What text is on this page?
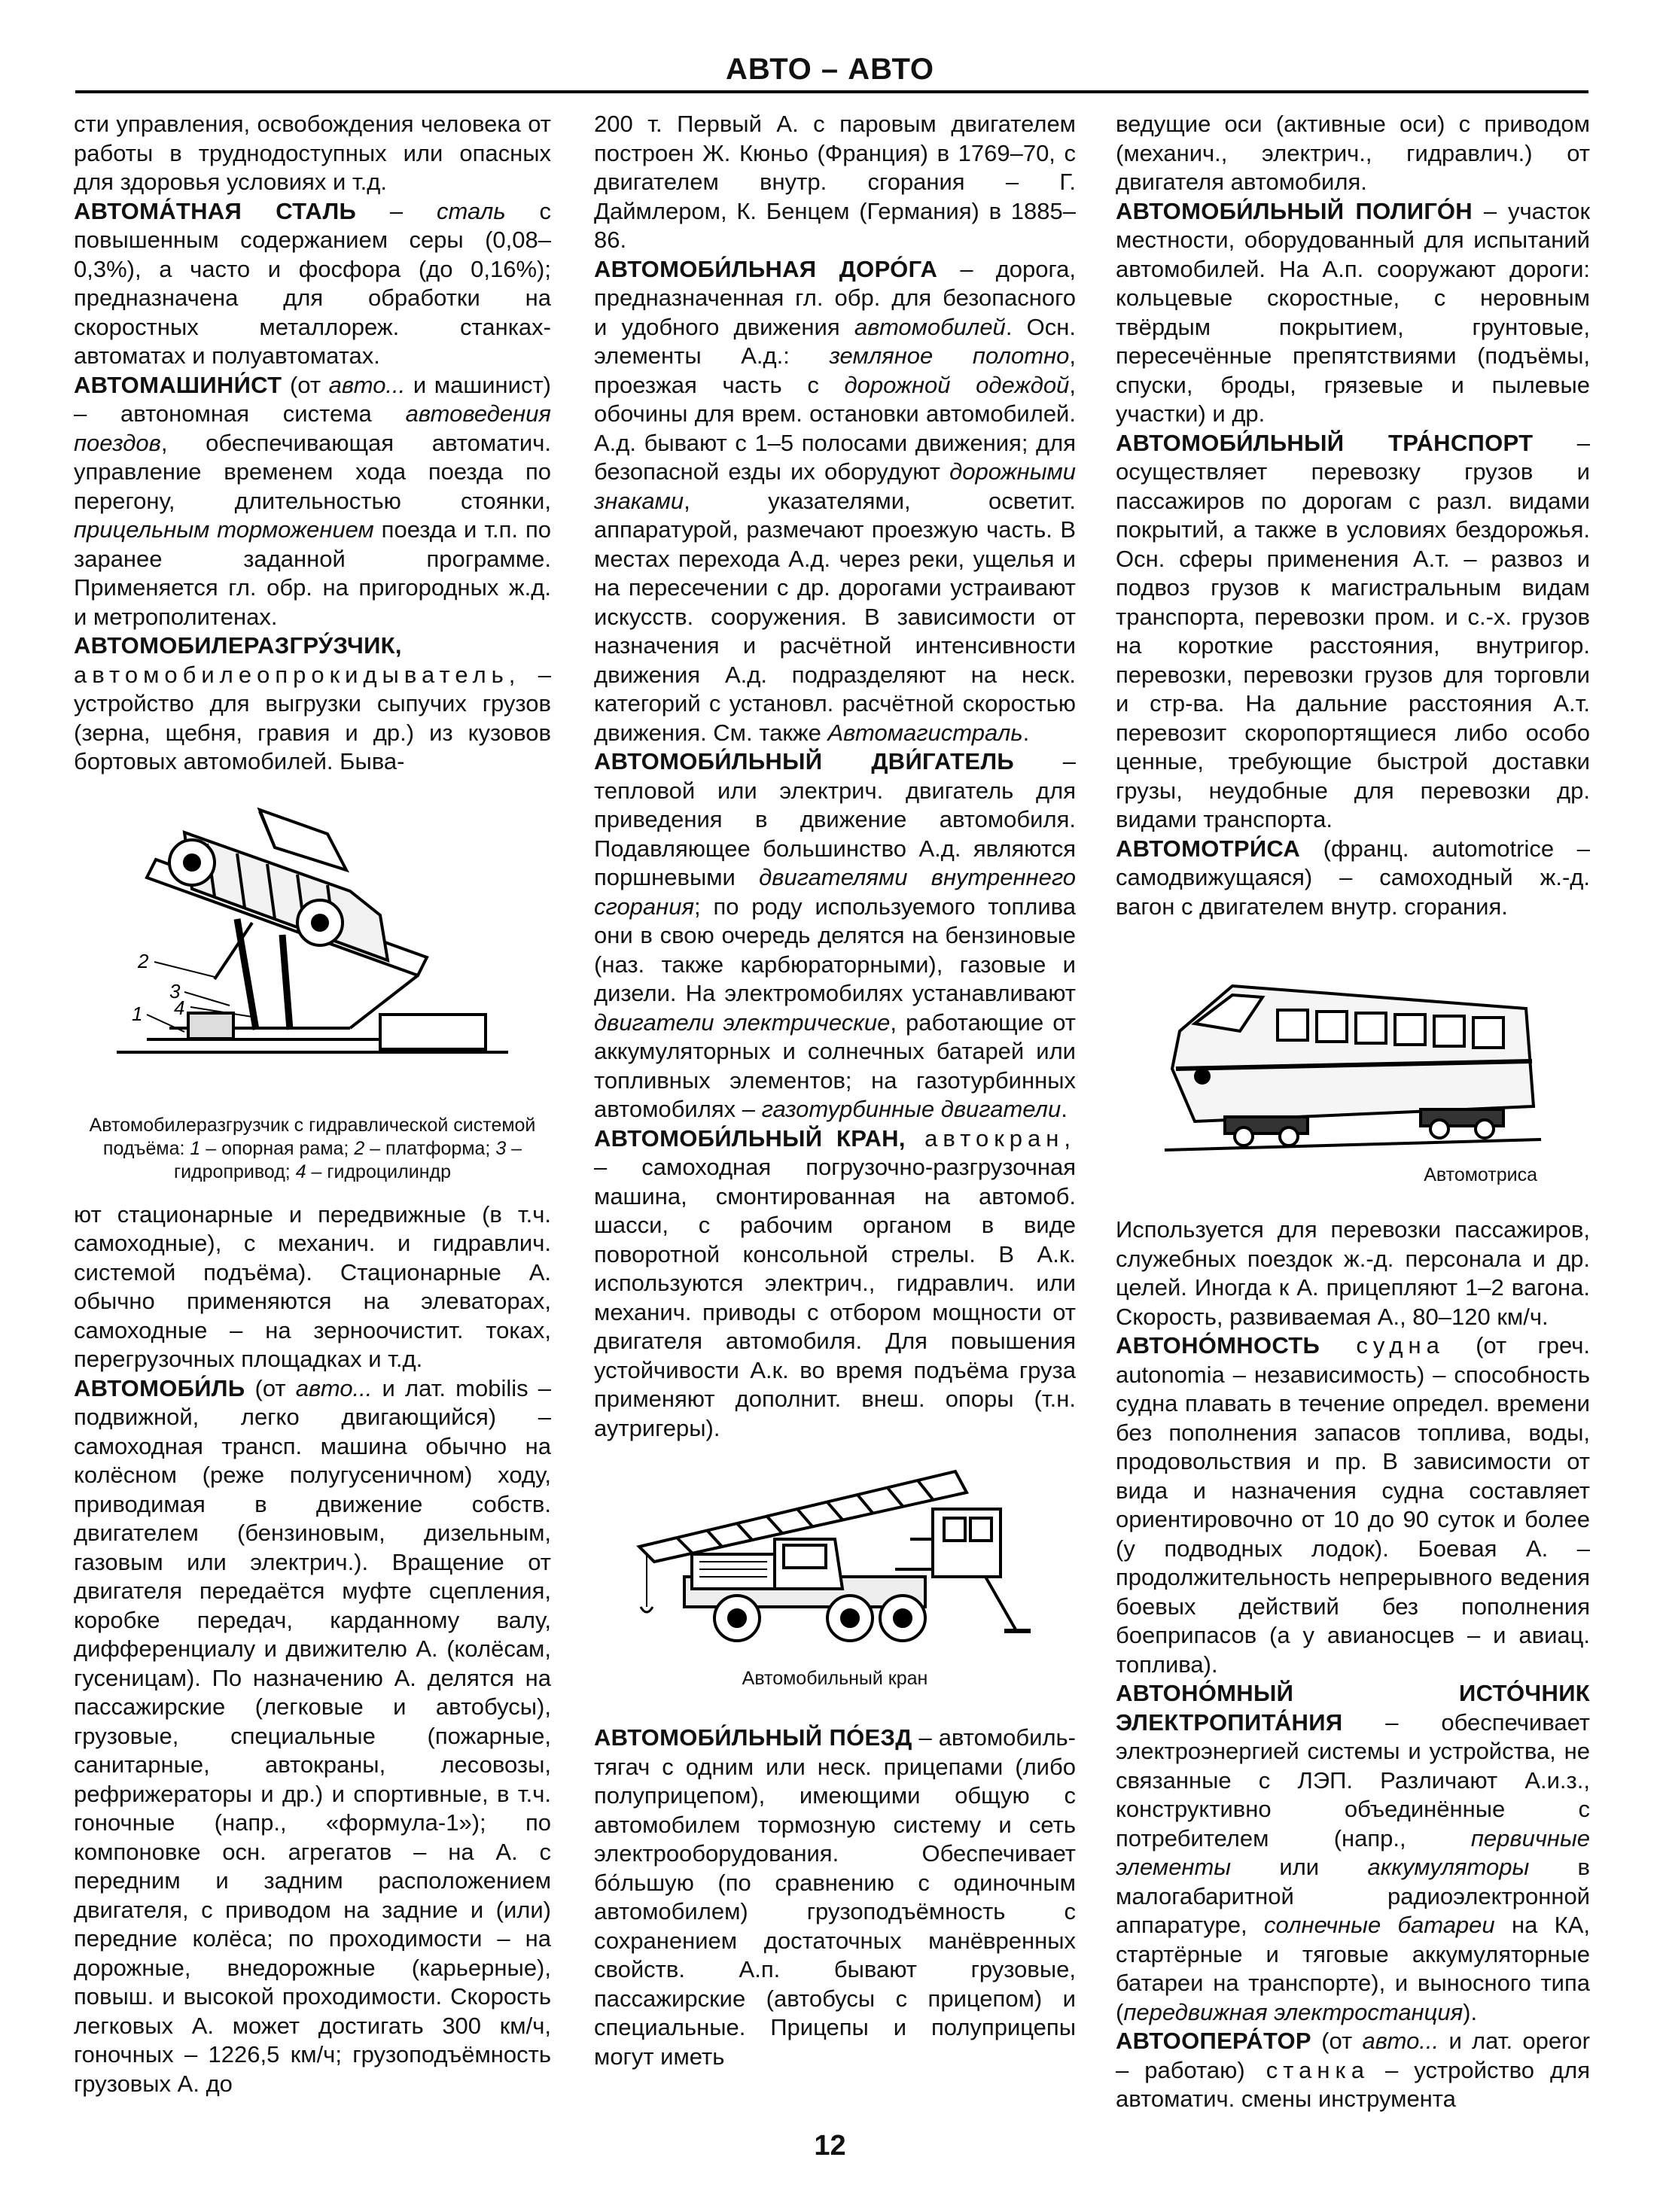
АВТО – АВТО

сти управления, освобождения человека от работы в труднодоступных или опасных для здоровья условиях и т.д.

АВТОМА́ТНАЯ СТАЛЬ – сталь с повышенным содержанием серы (0,08–0,3%), а часто и фосфора (до 0,16%); предназначена для обработки на скоростных металлореж. станках-автоматах и полуавтоматах.

АВТОМАШИНИ́СТ (от авто... и машинист) – автономная система автоведения поездов, обеспечивающая автоматич. управление временем хода поезда по перегону, длительностью стоянки, прицельным торможением поезда и т.п. по заранее заданной программе. Применяется гл. обр. на пригородных ж.д. и метрополитенах.

АВТОМОБИЛЕРАЗГРУ́ЗЧИК, автомобилеопрокидыватель, – устройство для выгрузки сыпучих грузов (зерна, щебня, гравия и др.) из кузовов бортовых автомобилей. Быва-

2
3
4
1
Автомобилеразгрузчик с гидравлической системой подъёма: 1 – опорная рама; 2 – платформа; 3 – гидропривод; 4 – гидроцилиндр

ют стационарные и передвижные (в т.ч. самоходные), с механич. и гидравлич. системой подъёма). Стационарные А. обычно применяются на элеваторах, самоходные – на зерноочистит. токах, перегрузочных площадках и т.д.

АВТОМОБИ́ЛЬ (от авто... и лат. mobilis – подвижной, легко двигающийся) – самоходная трансп. машина обычно на колёсном (реже полугусеничном) ходу, приводимая в движение собств. двигателем (бензиновым, дизельным, газовым или электрич.). Вращение от двигателя передаётся муфте сцепления, коробке передач, карданному валу, дифференциалу и движителю А. (колёсам, гусеницам). По назначению А. делятся на пассажирские (легковые и автобусы), грузовые, специальные (пожарные, санитарные, автокраны, лесовозы, рефрижераторы и др.) и спортивные, в т.ч. гоночные (напр., «формула-1»); по компоновке осн. агрегатов – на А. с передним и задним расположением двигателя, с приводом на задние и (или) передние колёса; по проходимости – на дорожные, внедорожные (карьерные), повыш. и высокой проходимости. Скорость легковых А. может достигать 300 км/ч, гоночных – 1226,5 км/ч; грузоподъёмность грузовых А. до

200 т. Первый А. с паровым двигателем построен Ж. Кюньо (Франция) в 1769–70, с двигателем внутр. сгорания – Г. Даймлером, К. Бенцем (Германия) в 1885–86.

АВТОМОБИ́ЛЬНАЯ ДОРО́ГА – дорога, предназначенная гл. обр. для безопасного и удобного движения автомобилей. Осн. элементы А.д.: земляное полотно, проезжая часть с дорожной одеждой, обочины для врем. остановки автомобилей. А.д. бывают с 1–5 полосами движения; для безопасной езды их оборудуют дорожными знаками, указателями, осветит. аппаратурой, размечают проезжую часть. В местах перехода А.д. через реки, ущелья и на пересечении с др. дорогами устраивают искусств. сооружения. В зависимости от назначения и расчётной интенсивности движения А.д. подразделяют на неск. категорий с установл. расчётной скоростью движения. См. также Автомагистраль.

АВТОМОБИ́ЛЬНЫЙ ДВИ́ГАТЕЛЬ – тепловой или электрич. двигатель для приведения в движение автомобиля. Подавляющее большинство А.д. являются поршневыми двигателями внутреннего сгорания; по роду используемого топлива они в свою очередь делятся на бензиновые (наз. также карбюраторными), газовые и дизели. На электромобилях устанавливают двигатели электрические, работающие от аккумуляторных и солнечных батарей или топливных элементов; на газотурбинных автомобилях – газотурбинные двигатели.

АВТОМОБИ́ЛЬНЫЙ КРАН, автокран, – самоходная погрузочно-разгрузочная машина, смонтированная на автомоб. шасси, с рабочим органом в виде поворотной консольной стрелы. В А.к. используются электрич., гидравлич. или механич. приводы с отбором мощности от двигателя автомобиля. Для повышения устойчивости А.к. во время подъёма груза применяют дополнит. внеш. опоры (т.н. аутригеры).

Автомобильный кран

АВТОМОБИ́ЛЬНЫЙ ПО́ЕЗД – автомобиль-тягач с одним или неск. прицепами (либо полуприцепом), имеющими общую с автомобилем тормозную систему и сеть электрооборудования. Обеспечивает бо́льшую (по сравнению с одиночным автомобилем) грузоподъёмность с сохранением достаточных манёвренных свойств. А.п. бывают грузовые, пассажирские (автобусы с прицепом) и специальные. Прицепы и полуприцепы могут иметь

ведущие оси (активные оси) с приводом (механич., электрич., гидравлич.) от двигателя автомобиля.

АВТОМОБИ́ЛЬНЫЙ ПОЛИГО́Н – участок местности, оборудованный для испытаний автомобилей. На А.п. сооружают дороги: кольцевые скоростные, с неровным твёрдым покрытием, грунтовые, пересечённые препятствиями (подъёмы, спуски, броды, грязевые и пылевые участки) и др.

АВТОМОБИ́ЛЬНЫЙ ТРА́НСПОРТ – осуществляет перевозку грузов и пассажиров по дорогам с разл. видами покрытий, а также в условиях бездорожья. Осн. сферы применения А.т. – развоз и подвоз грузов к магистральным видам транспорта, перевозки пром. и с.-х. грузов на короткие расстояния, внутригор. перевозки, перевозки грузов для торговли и стр-ва. На дальние расстояния А.т. перевозит скоропортящиеся либо особо ценные, требующие быстрой доставки грузы, неудобные для перевозки др. видами транспорта.

АВТОМОТРИ́СА (франц. automotrice – самодвижущаяся) – самоходный ж.-д. вагон с двигателем внутр. сгорания.

Автомотриса

Используется для перевозки пассажиров, служебных поездок ж.-д. персонала и др. целей. Иногда к А. прицепляют 1–2 вагона. Скорость, развиваемая А., 80–120 км/ч.

АВТОНО́МНОСТЬ судна (от греч. autonomia – независимость) – способность судна плавать в течение определ. времени без пополнения запасов топлива, воды, продовольствия и пр. В зависимости от вида и назначения судна составляет ориентировочно от 10 до 90 суток и более (у подводных лодок). Боевая А. – продолжительность непрерывного ведения боевых действий без пополнения боеприпасов (а у авианосцев – и авиац. топлива).

АВТОНО́МНЫЙ ИСТО́ЧНИК ЭЛЕКТРОПИТА́НИЯ – обеспечивает электроэнергией системы и устройства, не связанные с ЛЭП. Различают А.и.з., конструктивно объединённые с потребителем (напр., первичные элементы или аккумуляторы в малогабаритной радиоэлектронной аппаратуре, солнечные батареи на КА, стартёрные и тяговые аккумуляторные батареи на транспорте), и выносного типа (передвижная электростанция).

АВТООПЕРА́ТОР (от авто... и лат. operor – работаю) станка – устройство для автоматич. смены инструмента

12
